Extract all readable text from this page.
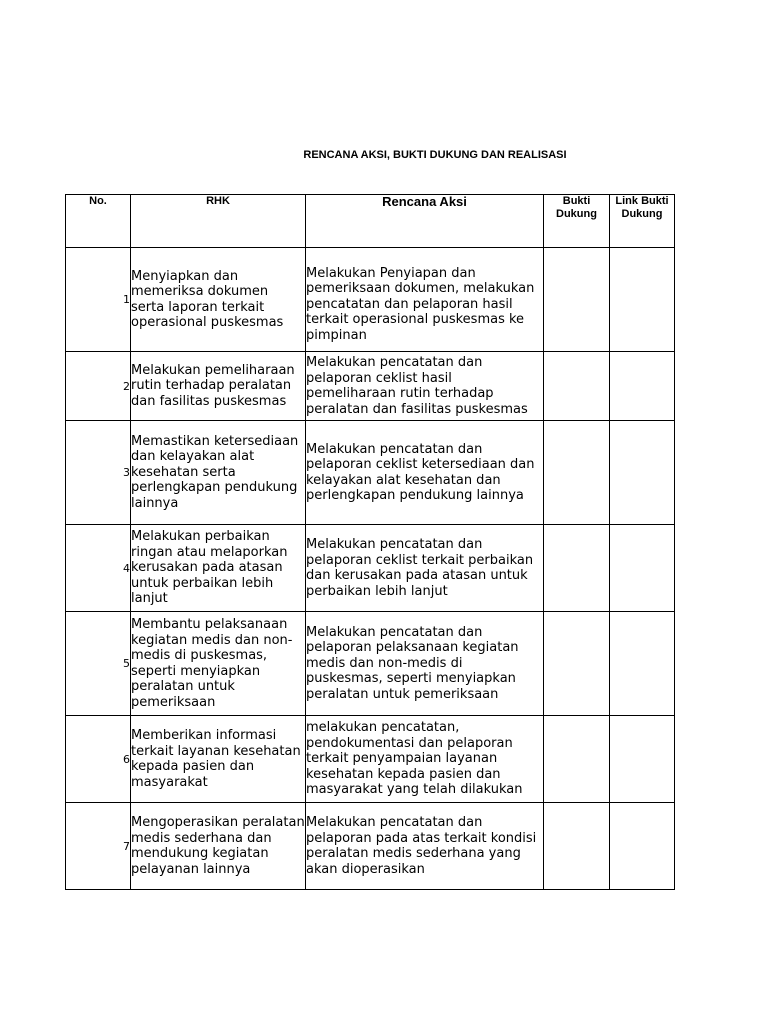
RENCANA AKSI, BUKTI DUKUNG DAN REALISASI
No.	RHK	Rencana Aksi	Bukti Dukung	Link Bukti Dukung
1	Menyiapkan dan memeriksa dokumen serta laporan terkait operasional puskesmas	Melakukan Penyiapan dan pemeriksaan dokumen, melakukan pencatatan dan pelaporan hasil terkait operasional puskesmas ke pimpinan		
2	Melakukan pemeliharaan rutin terhadap peralatan dan fasilitas puskesmas	Melakukan pencatatan dan pelaporan ceklist hasil pemeliharaan rutin terhadap peralatan dan fasilitas puskesmas		
3	Memastikan ketersediaan dan kelayakan alat kesehatan serta perlengkapan pendukung lainnya	Melakukan pencatatan dan pelaporan ceklist ketersediaan dan kelayakan alat kesehatan dan perlengkapan pendukung lainnya		
4	Melakukan perbaikan ringan atau melaporkan kerusakan pada atasan untuk perbaikan lebih lanjut	Melakukan pencatatan dan pelaporan ceklist terkait perbaikan dan kerusakan pada atasan untuk perbaikan lebih lanjut		
5	Membantu pelaksanaan kegiatan medis dan non-medis di puskesmas, seperti menyiapkan peralatan untuk pemeriksaan	Melakukan pencatatan dan pelaporan pelaksanaan kegiatan medis dan non-medis di puskesmas, seperti menyiapkan peralatan untuk pemeriksaan		
6	Memberikan informasi terkait layanan kesehatan kepada pasien dan masyarakat	melakukan pencatatan, pendokumentasi dan pelaporan terkait penyampaian layanan kesehatan kepada pasien dan masyarakat yang telah dilakukan		
7	Mengoperasikan peralatan medis sederhana dan mendukung kegiatan pelayanan lainnya	Melakukan pencatatan dan pelaporan pada atas terkait kondisi peralatan medis sederhana yang akan dioperasikan		
